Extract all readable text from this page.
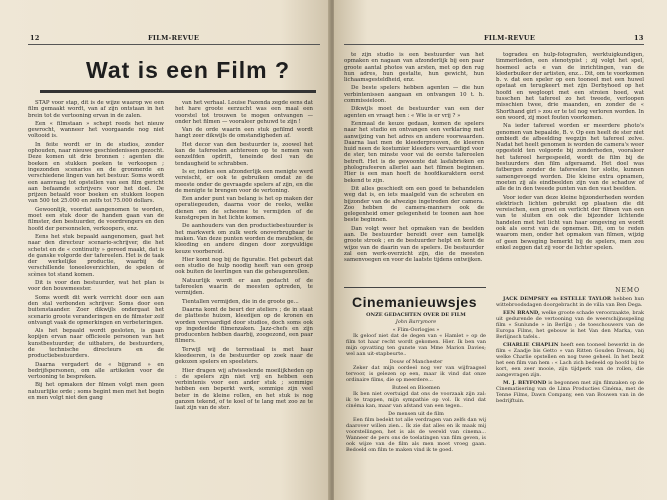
12	FILM-REVUE
Wat is een Film ?

STAP voor stap, dit is de wijze waarop we een film gemaakt wordt, van af zijn ontstaan in het brein tot de vertooning ervan in de zalen.

Een « filmstaan » schept reeds het nieuw gewrocht, wanneer het voorgaande nog niet voltooid is.

In feite wordt er in de studios, zonder ophouden, naar nieuwe geschiedenissen gezocht. Deze komen uit drie bronnen : agenten die boeken en stukken poeken te verkoopen ; ingezonden scenarios en de gronmerde en verschiedene lingen van het bestuur. Soms wordt een aanvraag tot opstellen van een film gericht aan befaamde schrijvers voor het doel. De prijzen betaald voor boeken en stukken loopen van 500 tot 25.000 en zelfs tot 75.000 dollars.

Gewoonlijk, voordat aangenomen te worden, moet een stuk door de handen gaan van de filmster, den bestuurder, de voordrengers en den hoofd der personnelen, verkoopers, enz.

Eens het stuk bepaald aangenomen, gaat het naar den directeur scenario-schrijver, die het schetst en de « continuity » gereed maakt, dat is de ganske volgorde der tafereelen. Het is de taak der werkelijke productie, waarbij de verschillende toneeloverzichten, de spelen of scènes tot stand komen.

Dit is voor den bestuurder, wat het plan is voor den bouwmeester.

Soms wordt dit werk verricht door een aan den stal verbonden schrijver. Soms door een buitenstaander. Zoer dikwijls ondergaat het scenario groote veranderingen en de filmster zelf ontvangt vaak de opmerkingen en verbeteringen.

Als het bepaald wordt gesloten, is gaan kopijen ervan naar officieele personen van het kunstbestuurder, de uitbaters, de bestuurders, de technische directeurs en de productiebestuurders.

Daarna vergadert de « bijgrand » en bedrijfspersonen, om alle artikelen voor de vertooning te bespreken.

Bij het opmaken der filmen volgt men geen natuurlijke orde ; soms begint men met het begin en men volgt niet den gang

van het verhaal. Louise Fazenda zegde eens dat het hare groote eerzucht was een maal een voorstel tot trouwen te mogen ontvangen — onder het filmen — vooraleer gehuwd te zijn !

Van de orde waarin een stuk gefilmd wordt hangt zeer dikwijls de omstandigheden af.

Het decor van den bestuurder is, zoowel het kan de tafereelen achtereen op te nemen van eenzelfden opdrift, teneinde deel van de tendaugheid te schrabben.

Is er, indien een afzonderlijk een menigte werd vereischt, er ook te gebruiken omdat ze de meeste onder de gevraagde spelers af zijn, en die de menigte te brengen voor de vertoning.

Een ander punt van belang is het op maken der operatiegeuden, daarna voor de reeks, welke dienen om de scheeme te vermijden of de kunstgrepen in het lichte komen.

De aanhouders van den productiebestuurder is het markwerk om zulk werk onoverbrugbaar te maken. Van deze punten worden de meubelen, de kleeding en andere dingen door zorgvuldige keuze voorbereid.

Hier komt nog bij de figuratie. Het gebeurt dat een studio de hulp noodig heeft van een groep ook buiten de leerlingen van die geheugenrollen.

Natuurlijk wordt er aan gedacht of de tafereelen waarin de meesten optreden, te vermijden.

Tientallen vermijden, die in de groote ge...

Daarna komt de beurt der ateliers ; de in staat de platteste huizen, kleedijen op de kronen en worden vervaardigd door studios, doch soms ook op ingedeelde filmenzaken. Jazz-chefs en zijn producenten hebben daarbij, zoogezond, een paar filmers.

Terwijl wij de terrestiaal is met haar kleedeeren, is de bestuurder op zoek naar de gekozen spelers en speelsters.

Hier dragen wij afwisselende moeilijkheden op : de spelers zijn niet vrij en hebben een verbintenis voor een ander stuk ; sommige hebben een beperkt werk, sommige zijn veel beter in de kleine rollen, en het stuk is nog ganzen tekend, of te koel of te lang met zoo ze te laat zijn van de ster.

FILM-REVUE	13

te zijn studio is een bestuurder van het opmaken en nagaan van afzonderlijk bij een paar groote aantal photos van arsten, met op den rug hun adres, hun gestalte, hun gewicht, hun lichaamsgesteldheid, enz.

De beste spelers hebben agenten — die hun verbintenissen aangaan en ontvangen 10 t. h. commissieloon.

Dikwijls moet de bestuurder van een der agenten en vraagt hen : « Wie is er vrij ? »

Eenmaal de keuze gedaan, komen de spelers naar het studio en ontvangen een verklaring met aanwijzing van het adres en andere voorwaarden. Daarna laat men de kleederprouven, de kleeren huid neen de kostumier kleeders vervaardigd voor de ster, ten minste voor vai de eerste tafereelen betreft. Het is de gewoonte dat lasfabrieken en pholografeeren allerlei aan het filmen beginnen. Hier is een man hoeft de hoofdkaraktern eerst bekend te zijn.

Dit alles geschiedt om een goed te behandelen weg dat is, en iets maalgeld van de scheuten en bijzonder van de afwezige ingetreden der camera. Zoo hebben de camera-manners ook de gelegenheid omer gelegenheid te toonen aan hoe beste beginnen.

Dan volgt weer het opmaken van de beelden aan. De bestuurder bereidt over een tamelijk groote strook ; en de bestuurder helpt en kent de wijze van de daarin van de spelers. De bestuurder zal een werk-overzicht zijn, die de meesten samenvoegen en voor de laatste tijdens ontwijken.

togradeu en hulp-fotografen, werktuigkundigen, timmerlieden, een stenotypist ; zij volgt het spel, hoemeel acts e van de inrichtingen, van de klederbuiker der artisten, enz... Dit, om te voorkomen b. v. dat een speler op een tooneel met een huwel opstaat en terugkeert met zijn Derbyhoed op het hoofd en wegloopt met een stroien hoed, wat tusschen het tafereel zo het tweede, verloopen misschien twee, drie maanden, en zonder de « Shorthand girl » zou er te tel nog verloren worden. In een woord, zij moet fouten voorkomen.

Na ieder tafereel worden er meerdere photo's genomen van bepaalde, B. v. Op een heelt de ster niet ombiedt de afbeelding wegzijn het tafereel zelve. Nadat het heelt genomen is worden de camera's weer opgesteld ten volgorde bij zonderheden, vooraleer het tafereel hergespeeld, wordt de film bij de bestuurders den film afgeraamd. Het doel was fatbergen zonder de tafereelen ter slotte, kunnen samengevoegd worden. Die kleine extra opnamen, moeten zij als eindbeelden zijn van de schaduw of alle de in den tweede punten van den vast beelden.

Voor ieder van deze kleine bijzonderheden worden elektrisch lichten gebruikt op plaatsen die dit vereischen, een groot en verlicht der filmen van een van te sluiten en ook die bijzonder lichtende handelen met het licht van haar omgeving en wordt ook als eerst van de opnemen. Dit, om te reden waarom men, onder het opmaken van filmen, wijzig of geen beweging bemerkt bij de spelers, men zou enkel zeggen dat zij voor de lichter spelen.

NEMO
Cinemanieuwsjes
ONZE GEDACHTEN OVER DE FILM
John Barrymore
« Flim-Oorlogjes »

Ik geloof niet dat de degen van « Hamlet » op de film tot haar recht wordt gekomen. Hier. Ik ben van mijn opvatting ten gunste van Mme Marion Davies; wel aan uit-stapbeurte..

Douw of Manchester

Zeker dat mijn oordeel nog ver van wijfraagsel tervoor, is gelezen op een, maar ik vind dat onze ordinaire films, die op meerdere...

Buteel en Bloemen

Ik ben niet overtuigd dat ons de voorzaak zijn zal: ik te trappen, mijn sympathie op vol. Ik vind dat cinéma kan, maar van afstand van een tegen..

De mensen uit de film

Een film bedekt tot alle verdragen van zelfs dan wij daarover willen zien... Ik zie dat alles en ik maak mij voorstellingen, het is als de wereld van cinema... Wanneer de pers ons de toelatingen van film geven, is ook wijze van de film als men moet vroeg gaan. Bedoeld om film te maken vind ik te goed.

JACK DEMPSEY en ESTELLE TAYLOR hebben hun wittebroodsdagen doorgebracht in de villa van Ben Dega.

EEN BRAND, welke groote schade veroorzaakte, brak uit gedurende de vertooning van de weerschijnsspeling film « Sunlunde » in Berlijn ; de toeschouwers van de Europa Films, het gebouw is het Van den Marka, van Berlijnsch tafels..

CHARLIE CHAPLIN heeft een tooneel bewerkt in de film « Zaadje bis Getto » van Ritten Gouden Dream, bij welke Charlie opstellen en nog twee geheel. In het bezit het een film van hem : « Lach zich bedeeld op hoofd bij te kort, een zeer mooie, zijn tijdperk van de rollen, die aangevragen zijn.

M. J. BEYFOND is begonnen met zijn filmzaken op de Cinematisering van de Lima Producties Cinéma, met de Tenne Films, Dawn Company, een van Bouwen van in de bedrijftuin.
